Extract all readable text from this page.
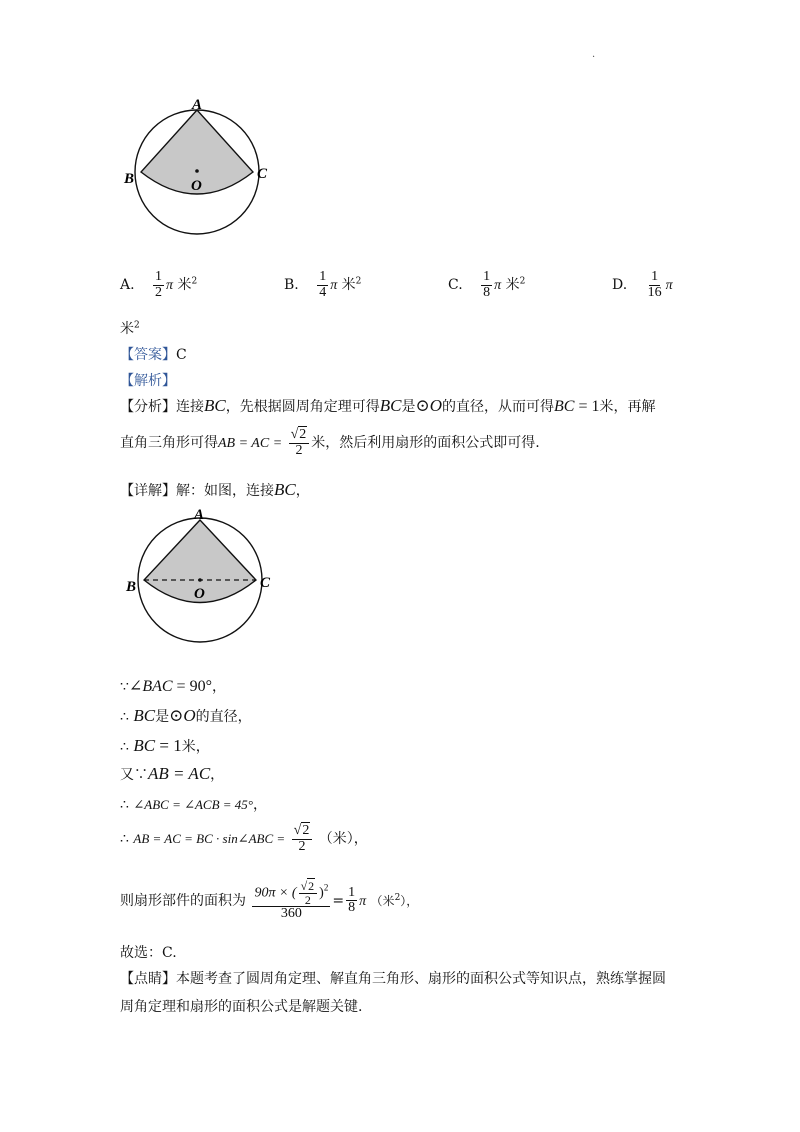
·
A
B	C
O
A. $\frac{1}{2}$ π 米$^2$	B. $\frac{1}{4}$ π 米$^2$	C. $\frac{1}{8}$ π 米$^2$	D. $\frac{1}{16}$ π
米$^2$
【答案】C
【解析】
【分析】连接BC，先根据圆周角定理可得BC是⊙O的直径，从而可得BC = 1米，再解
直角三角形可得AB = AC = $\frac{√2}{2}$ 米，然后利用扇形的面积公式即可得.
【详解】解：如图，连接BC，
A
B	C
O
∵∠BAC = 90°，
∴ BC是⊙O的直径，
∴ BC = 1米，
又∵AB = AC，
∴ ∠ABC = ∠ACB = 45°，
∴ AB = AC = BC · sin∠ABC = $\frac{√2}{2}$ （米），
则扇形部件的面积为 $\frac{90\pi \times ( \frac{√2}{2} )^2}{360} = \frac{1}{8}$ π （米$^2$），
故选：C.
【点睛】本题考查了圆周角定理、解直角三角形、扇形的面积公式等知识点，熟练掌握圆
周角定理和扇形的面积公式是解题关键.
